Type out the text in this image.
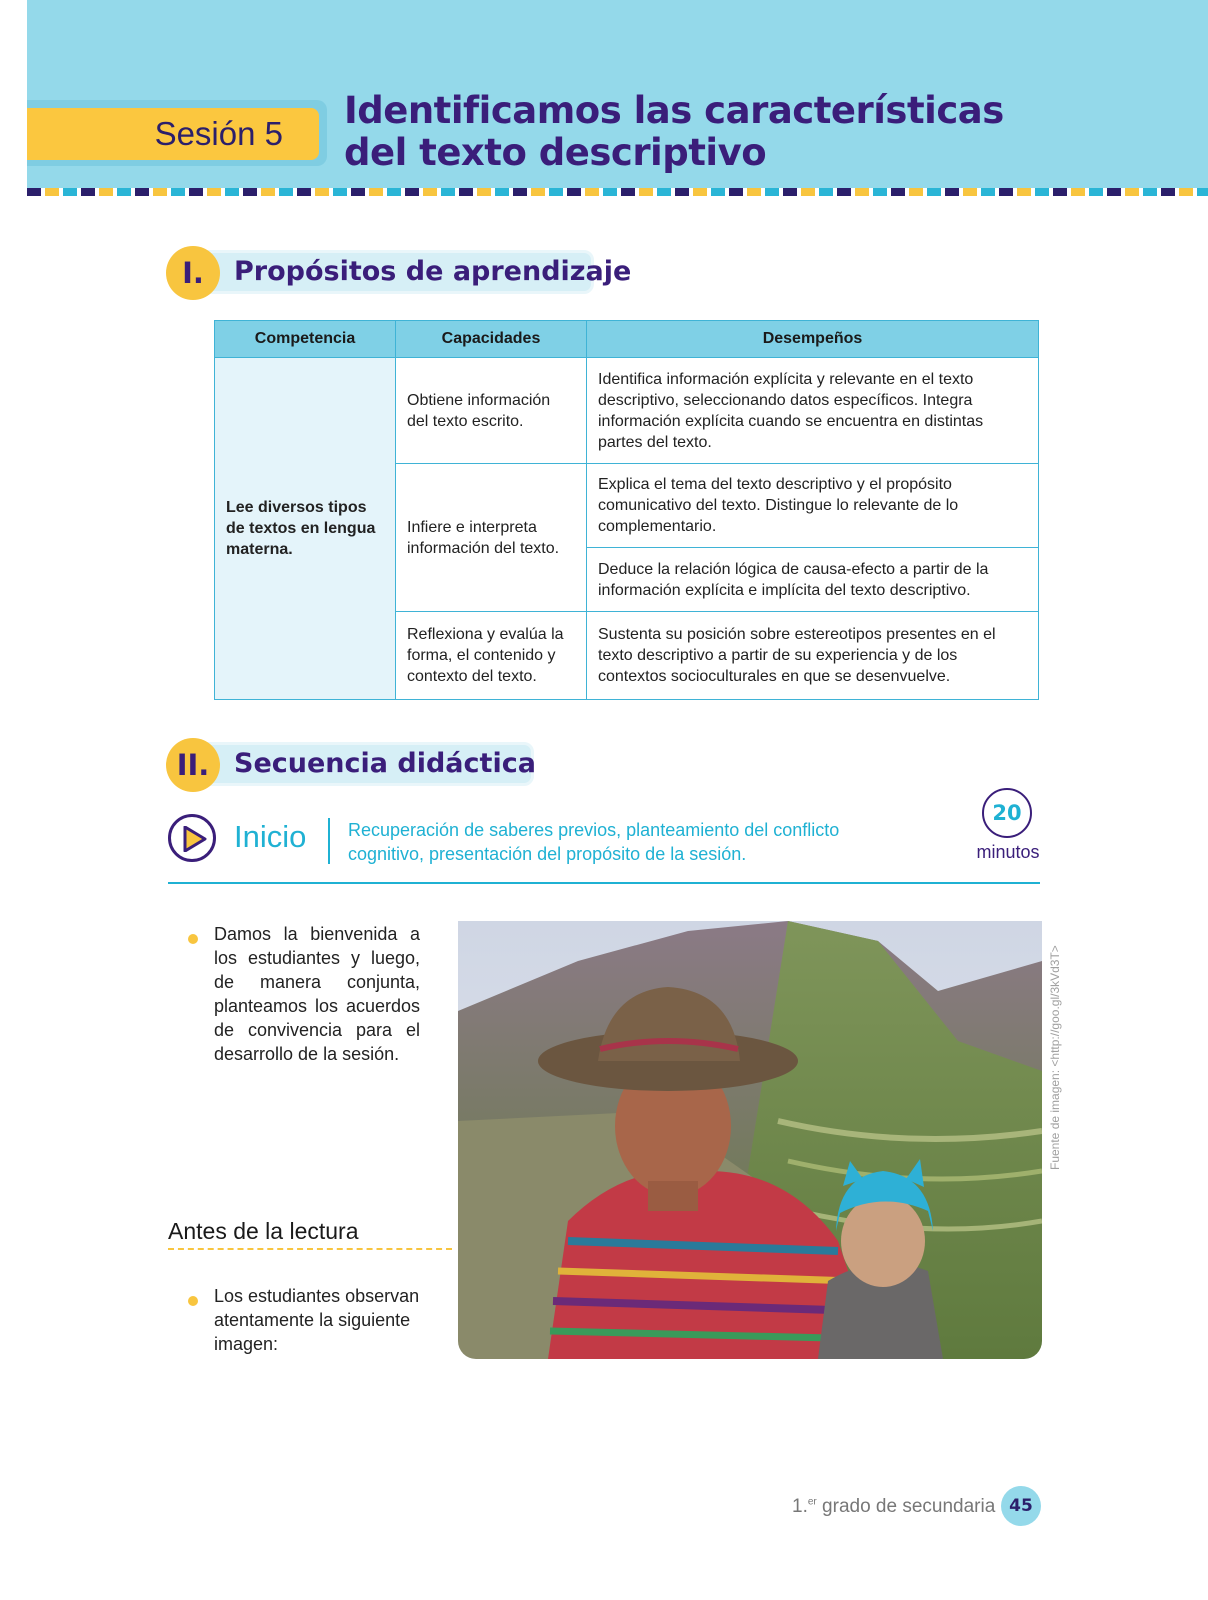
Sesión 5
Identificamos las características
del texto descriptivo
I.	Propósitos de aprendizaje
Competencia	Capacidades	Desempeños
Lee diversos tipos de textos en lengua materna.	Obtiene información del texto escrito.	Identifica información explícita y relevante en el texto descriptivo, seleccionando datos específicos. Integra información explícita cuando se encuentra en distintas partes del texto.
	Infiere e interpreta información del texto.	Explica el tema del texto descriptivo y el propósito comunicativo del texto. Distingue lo relevante de lo complementario.
		Deduce la relación lógica de causa-efecto a partir de la información explícita e implícita del texto descriptivo.
	Reflexiona y evalúa la forma, el contenido y contexto del texto.	Sustenta su posición sobre estereotipos presentes en el texto descriptivo a partir de su experiencia y de los contextos socioculturales en que se desenvuelve.
II. Secuencia didáctica
Inicio Recuperación de saberes previos, planteamiento del conflicto cognitivo, presentación del propósito de la sesión.
20
minutos
Damos la bienvenida a los estudiantes y luego, de manera conjunta, planteamos los acuerdos de convivencia para el desarrollo de la sesión.
Antes de la lectura
Los estudiantes observan atentamente la siguiente imagen:
Fuente de imagen: <http://goo.gl/3kVd3T>
1.$^{er}$ grado de secundaria 45
